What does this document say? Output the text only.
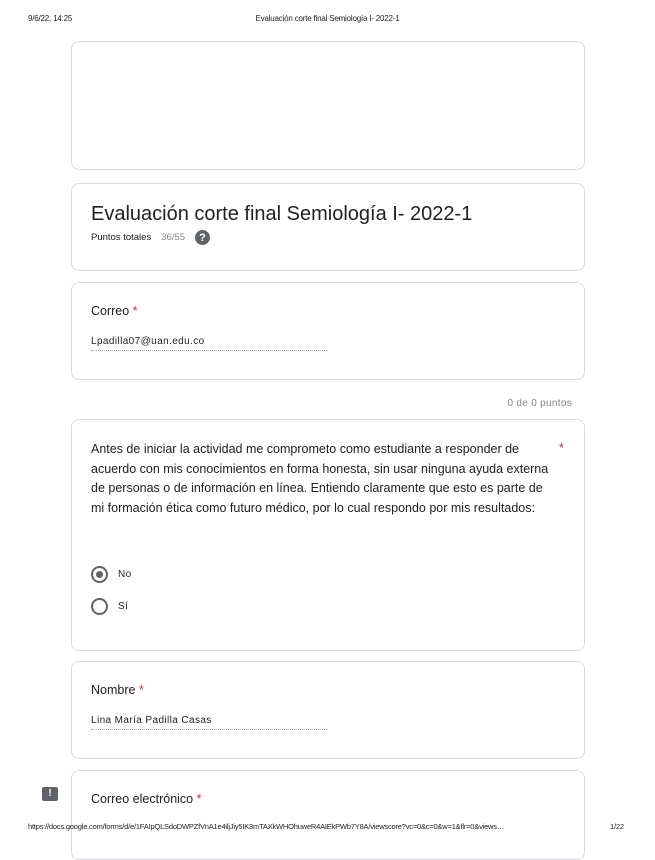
9/6/22, 14:25	Evaluación corte final Semiología I- 2022-1
Evaluación corte final Semiología I- 2022-1
Puntos totales 36/55	?
Correo *
Lpadilla07@uan.edu.co
0 de 0 puntos
Antes de iniciar la actividad me comprometo como estudiante a responder de acuerdo con mis conocimientos en forma honesta, sin usar ninguna ayuda externa de personas o de información en línea. Entiendo claramente que esto es parte de mi formación ética como futuro médico, por lo cual respondo por mis resultados:
*
No
Sí
Nombre *
Lina María Padilla Casas
Correo electrónico *
!
https://docs.google.com/forms/d/e/1FAIpQLSdoDWPZfVnA1e4iljJiy5IK3mTAXkWHOhuweR4AIEkPWb7Y8A/viewscore?vc=0&c=0&w=1&flr=0&views…	1/22
